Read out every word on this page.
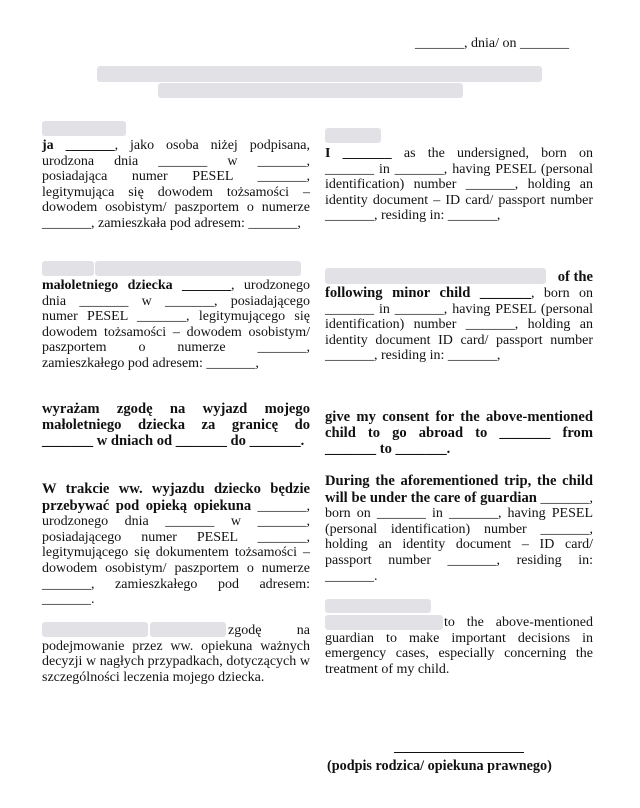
_______, dnia/ on _______

ja _______, jako osoba niżej podpisana, urodzona dnia _______ w _______, posiadająca numer PESEL _______, legitymująca się dowodem tożsamości – dowodem osobistym/ paszportem o numerze _______, zamieszkała pod adresem: _______,

małoletniego dziecka _______, urodzonego dnia _______ w _______, posiadającego numer PESEL _______, legitymującego się dowodem tożsamości – dowodem osobistym/ paszportem o numerze _______, zamieszkałego pod adresem: _______,

wyrażam zgodę na wyjazd mojego małoletniego dziecka za granicę do _______ w dniach od _______ do _______.

W trakcie ww. wyjazdu dziecko będzie przebywać pod opieką opiekuna _______, urodzonego dnia _______ w _______, posiadającego numer PESEL _______, legitymującego się dokumentem tożsamości – dowodem osobistym/ paszportem o numerze _______, zamieszkałego pod adresem: _______.

zgodę na podejmowanie przez ww. opiekuna ważnych decyzji w nagłych przypadkach, dotyczących w szczególności leczenia mojego dziecka.

I _______ as the undersigned, born on _______ in _______, having PESEL (personal identification) number _______, holding an identity document – ID card/ passport number _______, residing in: _______,

of the
following minor child _______, born on _______ in _______, having PESEL (personal identification) number _______, holding an identity document ID card/ passport number _______, residing in: _______,

give my consent for the above-mentioned child to go abroad to _______ from _______ to _______.

During the aforementioned trip, the child will be under the care of guardian _______, born on _______ in _______, having PESEL (personal identification) number _______, holding an identity document – ID card/ passport number _______, residing in: _______.

to the above-mentioned guardian to make important decisions in emergency cases, especially concerning the treatment of my child.

(podpis rodzica/ opiekuna prawnego)
